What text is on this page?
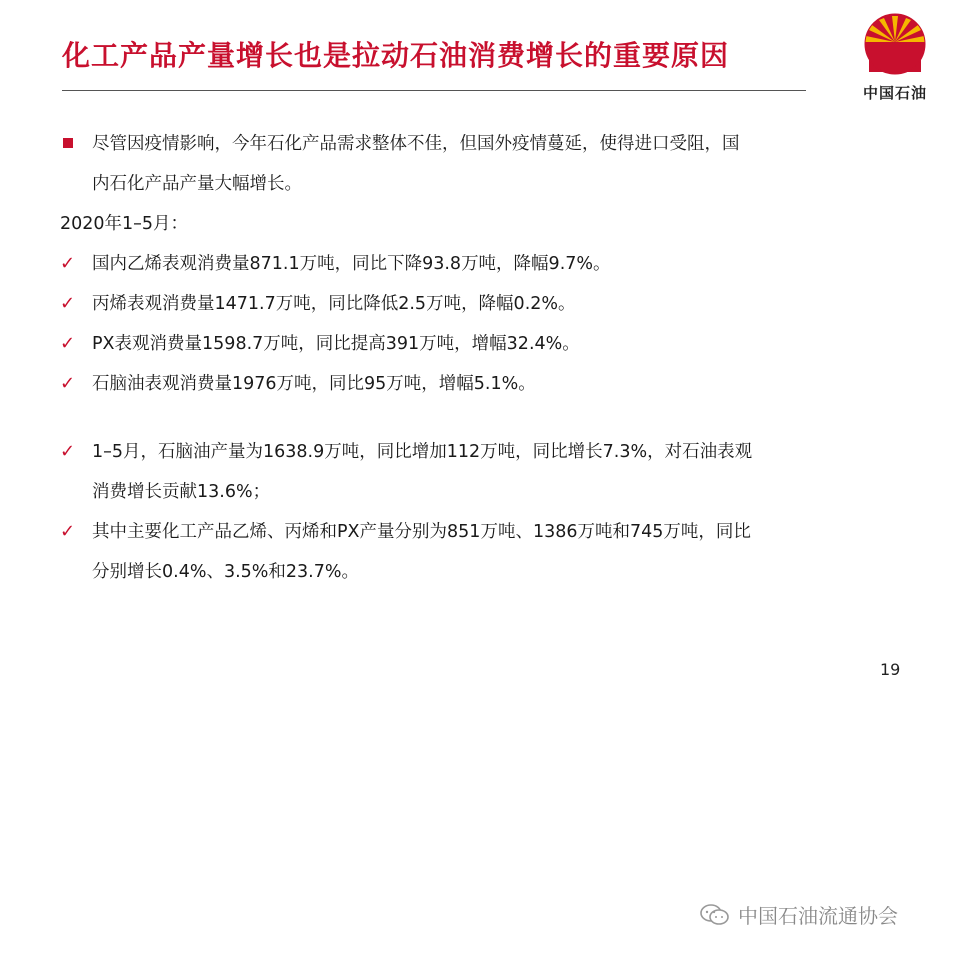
化工产品产量增长也是拉动石油消费增长的重要原因
中国石油
尽管因疫情影响，今年石化产品需求整体不佳，但国外疫情蔓延，使得进口受阻，国
内石化产品产量大幅增长。
2020年1–5月：
✓ 国内乙烯表观消费量871.1万吨，同比下降93.8万吨，降幅9.7%。
✓ 丙烯表观消费量1471.7万吨，同比降低2.5万吨，降幅0.2%。
✓ PX表观消费量1598.7万吨，同比提高391万吨，增幅32.4%。
✓ 石脑油表观消费量1976万吨，同比95万吨，增幅5.1%。
✓ 1–5月，石脑油产量为1638.9万吨，同比增加112万吨，同比增长7.3%，对石油表观
消费增长贡献13.6%；
✓ 其中主要化工产品乙烯、丙烯和PX产量分别为851万吨、1386万吨和745万吨，同比
分别增长0.4%、3.5%和23.7%。
19
中国石油流通协会
